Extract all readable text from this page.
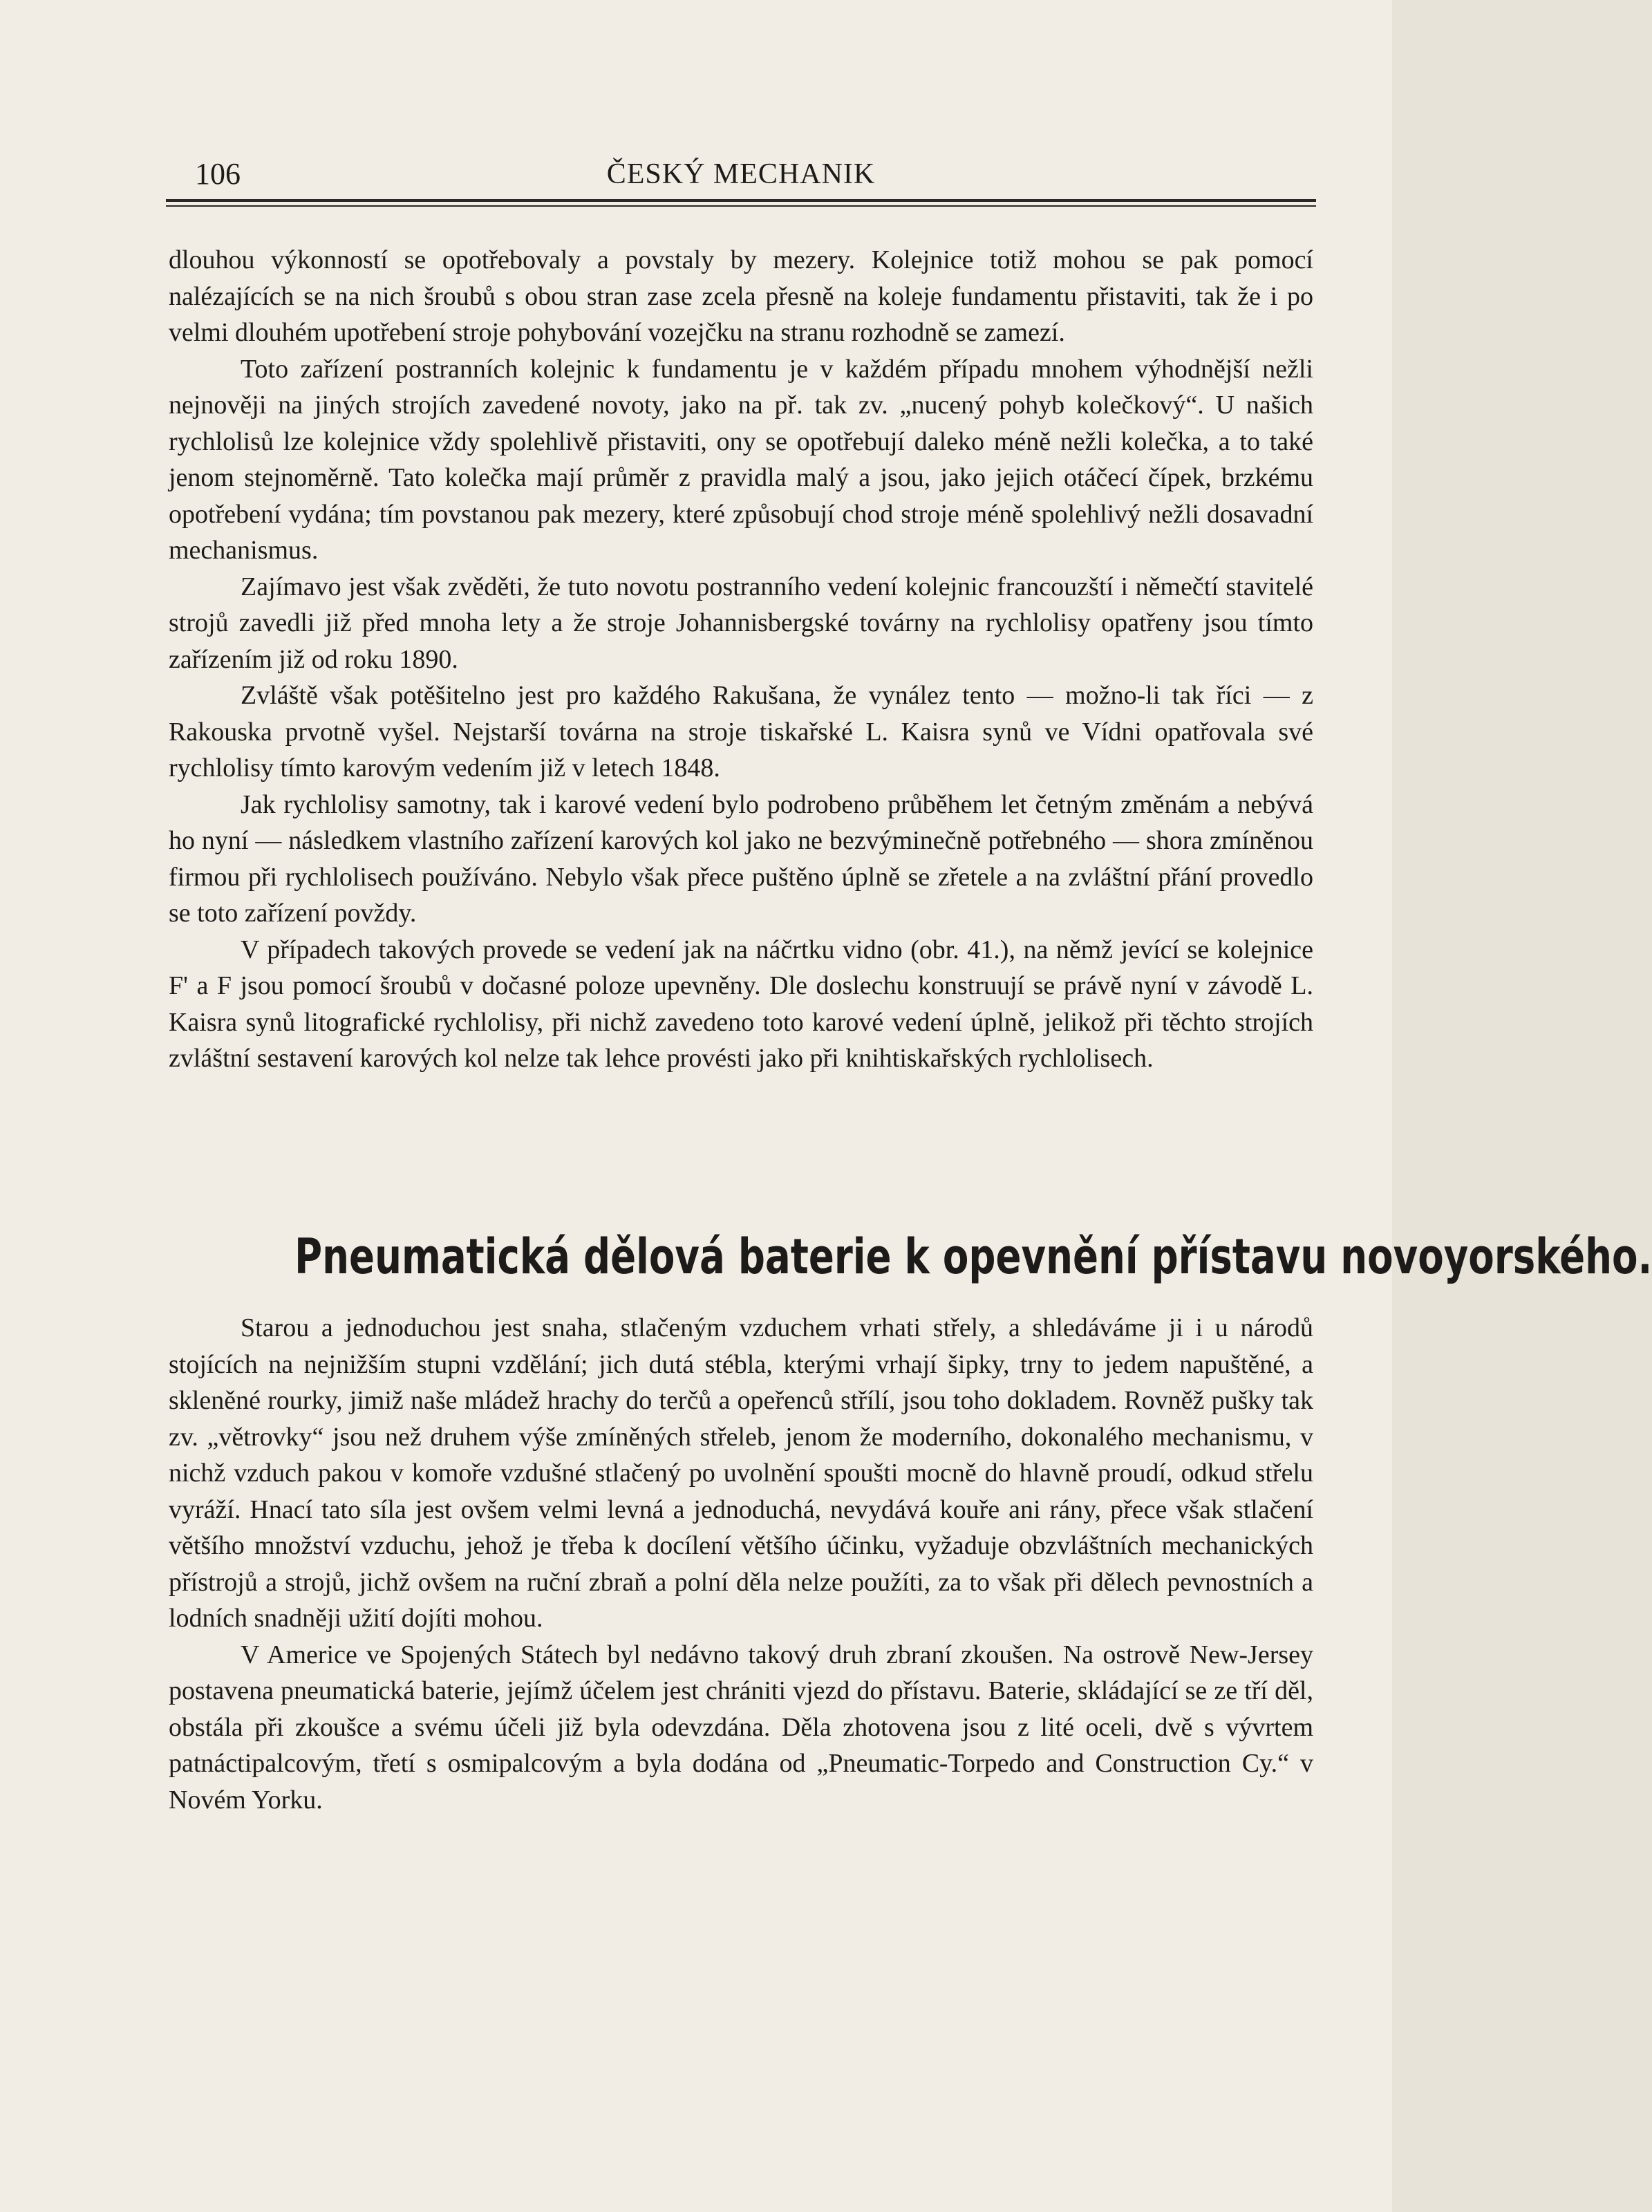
106	ČESKÝ MECHANIK

dlouhou výkonností se opotřebovaly a povstaly by mezery. Kolejnice totiž mohou se pak pomocí nalézajících se na nich šroubů s obou stran zase zcela přesně na koleje fundamentu přistaviti, tak že i po velmi dlouhém upotřebení stroje pohybování vozejčku na stranu rozhodně se zamezí.

Toto zařízení postranních kolejnic k fundamentu je v každém případu mnohem výhodnější nežli nejnověji na jiných strojích zavedené novoty, jako na př. tak zv. „nucený pohyb kolečkový“. U našich rychlolisů lze kolejnice vždy spolehlivě přistaviti, ony se opotřebují daleko méně nežli kolečka, a to také jenom stejnoměrně. Tato kolečka mají průměr z pravidla malý a jsou, jako jejich otáčecí čípek, brzkému opotřebení vydána; tím povstanou pak mezery, které způsobují chod stroje méně spolehlivý nežli dosavadní mechanismus.

Zajímavo jest však zvěděti, že tuto novotu postranního vedení kolejnic francouzští i němečtí stavitelé strojů zavedli již před mnoha lety a že stroje Johannisbergské továrny na rychlolisy opatřeny jsou tímto zařízením již od roku 1890.

Zvláště však potěšitelno jest pro každého Rakušana, že vynález tento — možno-li tak říci — z Rakouska prvotně vyšel. Nejstarší továrna na stroje tiskařské L. Kaisra synů ve Vídni opatřovala své rychlolisy tímto karovým vedením již v letech 1848.

Jak rychlolisy samotny, tak i karové vedení bylo podrobeno průběhem let četným změnám a nebývá ho nyní — následkem vlastního zařízení karových kol jako ne bezvýminečně potřebného — shora zmíněnou firmou při rychlolisech používáno. Nebylo však přece puštěno úplně se zřetele a na zvláštní přání provedlo se toto zařízení povždy.

V případech takových provede se vedení jak na náčrtku vidno (obr. 41.), na němž jevící se kolejnice F' a F jsou pomocí šroubů v dočasné poloze upevněny. Dle doslechu konstruují se právě nyní v závodě L. Kaisra synů litografické rychlolisy, při nichž zavedeno toto karové vedení úplně, jelikož při těchto strojích zvláštní sestavení karových kol nelze tak lehce provésti jako při knihtiskařských rychlolisech.

Pneumatická dělová baterie k opevnění přístavu novoyorského.

Starou a jednoduchou jest snaha, stlačeným vzduchem vrhati střely, a shledáváme ji i u národů stojících na nejnižším stupni vzdělání; jich dutá stébla, kterými vrhají šipky, trny to jedem napuštěné, a skleněné rourky, jimiž naše mládež hrachy do terčů a opeřenců střílí, jsou toho dokladem. Rovněž pušky tak zv. „větrovky“ jsou než druhem výše zmíněných střeleb, jenom že moderního, dokonalého mechanismu, v nichž vzduch pakou v komoře vzdušné stlačený po uvolnění spoušti mocně do hlavně proudí, odkud střelu vyráží. Hnací tato síla jest ovšem velmi levná a jednoduchá, nevydává kouře ani rány, přece však stlačení většího množství vzduchu, jehož je třeba k docílení většího účinku, vyžaduje obzvláštních mechanických přístrojů a strojů, jichž ovšem na ruční zbraň a polní děla nelze použíti, za to však při dělech pevnostních a lodních snadněji užití dojíti mohou.

V Americe ve Spojených Státech byl nedávno takový druh zbraní zkoušen. Na ostrově New-Jersey postavena pneumatická baterie, jejímž účelem jest chrániti vjezd do přístavu. Baterie, skládající se ze tří děl, obstála při zkoušce a svému účeli již byla odevzdána. Děla zhotovena jsou z lité oceli, dvě s vývrtem patnáctipalcovým, třetí s osmipalcovým a byla dodána od „Pneumatic-Torpedo and Construction Cy.“ v Novém Yorku.
